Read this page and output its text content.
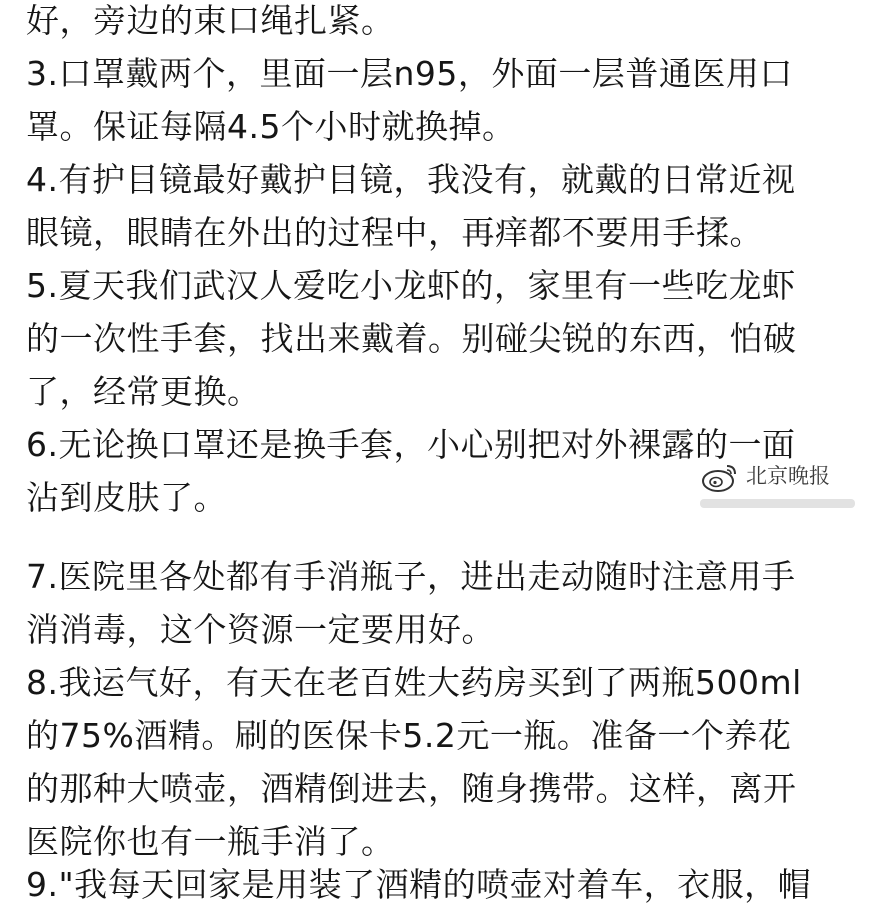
好，旁边的束口绳扎紧。
3.口罩戴两个，里面一层n95，外面一层普通医用口
罩。保证每隔4.5个小时就换掉。
4.有护目镜最好戴护目镜，我没有，就戴的日常近视
眼镜，眼睛在外出的过程中，再痒都不要用手揉。
5.夏天我们武汉人爱吃小龙虾的，家里有一些吃龙虾
的一次性手套，找出来戴着。别碰尖锐的东西，怕破
了，经常更换。
6.无论换口罩还是换手套，小心别把对外裸露的一面
沾到皮肤了。
北京晚报
7.医院里各处都有手消瓶子，进出走动随时注意用手
消消毒，这个资源一定要用好。
8.我运气好，有天在老百姓大药房买到了两瓶500ml
的75%酒精。刷的医保卡5.2元一瓶。准备一个养花
的那种大喷壶，酒精倒进去，随身携带。这样，离开
医院你也有一瓶手消了。
9."我每天回家是用装了酒精的喷壶对着车，衣服，帽
